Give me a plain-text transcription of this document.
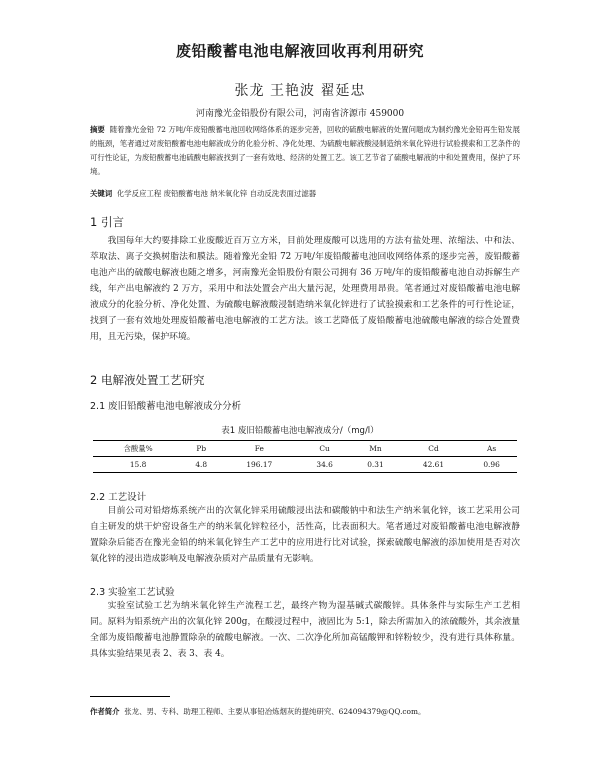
废铅酸蓄电池电解液回收再利用研究
张龙 王艳波 翟延忠
河南豫光金铅股份有限公司，河南省济源市 459000
摘要 随着豫光金铅 72 万吨/年废铅酸蓄电池回收网络体系的逐步完善，回收的硫酸电解液的处置问题成为制约豫光金铅再生铅发展的瓶颈，笔者通过对废铅酸蓄电池电解液成分的化验分析、净化处理、为硫酸电解液酸浸制造纳米氧化锌进行试验摸索和工艺条件的可行性论证，为废铅酸蓄电池硫酸电解液找到了一套有效地、经济的处置工艺。该工艺节省了硫酸电解液的中和处置费用，保护了环境。
关键词 化学反应工程 废铅酸蓄电池 纳米氧化锌 自动反洗表面过滤器
1 引言
我国每年大约要排除工业废酸近百万立方米，目前处理废酸可以选用的方法有盐处理、浓缩法、中和法、萃取法、离子交换树脂法和膜法。随着豫光金铅 72 万吨/年废铅酸蓄电池回收网络体系的逐步完善，废铅酸蓄电池产出的硫酸电解液也随之增多，河南豫光金铅股份有限公司拥有 36 万吨/年的废铅酸蓄电池自动拆解生产线，年产出电解液约 2 万方，采用中和法处置会产出大量污泥，处理费用昂贵。笔者通过对废铅酸蓄电池电解液成分的化验分析、净化处置、为硫酸电解液酸浸制造纳米氧化锌进行了试验摸索和工艺条件的可行性论证，找到了一套有效地处理废铅酸蓄电池电解液的工艺方法。该工艺降低了废铅酸蓄电池硫酸电解液的综合处置费用，且无污染，保护环境。
2 电解液处置工艺研究
2.1 废旧铅酸蓄电池电解液成分分析
表1 废旧铅酸蓄电池电解液成分/（mg/l）
含酸量%	Pb	Fe	Cu	Mn	Cd	As
15.8	4.8	196.17	34.6	0.31	42.61	0.96
2.2 工艺设计
目前公司对铅熔炼系统产出的次氧化锌采用硫酸浸出法和碳酸钠中和法生产纳米氧化锌，该工艺采用公司自主研发的烘干炉窑设备生产的纳米氧化锌粒径小，活性高，比表面积大。笔者通过对废铅酸蓄电池电解液静置除杂后能否在豫光金铅的纳米氧化锌生产工艺中的应用进行比对试验，探索硫酸电解液的添加使用是否对次氧化锌的浸出造成影响及电解液杂质对产品质量有无影响。
2.3 实验室工艺试验
实验室试验工艺为纳米氧化锌生产流程工艺，最终产物为湿基碱式碳酸锌。具体条件与实际生产工艺相同。原料为铅系统产出的次氧化锌 200g，在酸浸过程中，液固比为 5:1，除去所需加入的浓硫酸外，其余液量全部为废铅酸蓄电池静置除杂的硫酸电解液。一次、二次净化所加高锰酸钾和锌粉较少，没有进行具体称量。具体实验结果见表 2、表 3、表 4。
作者简介 张龙、男、专科、助理工程师、主要从事铅冶炼烟灰的提纯研究、62409437​9@QQ.com。
